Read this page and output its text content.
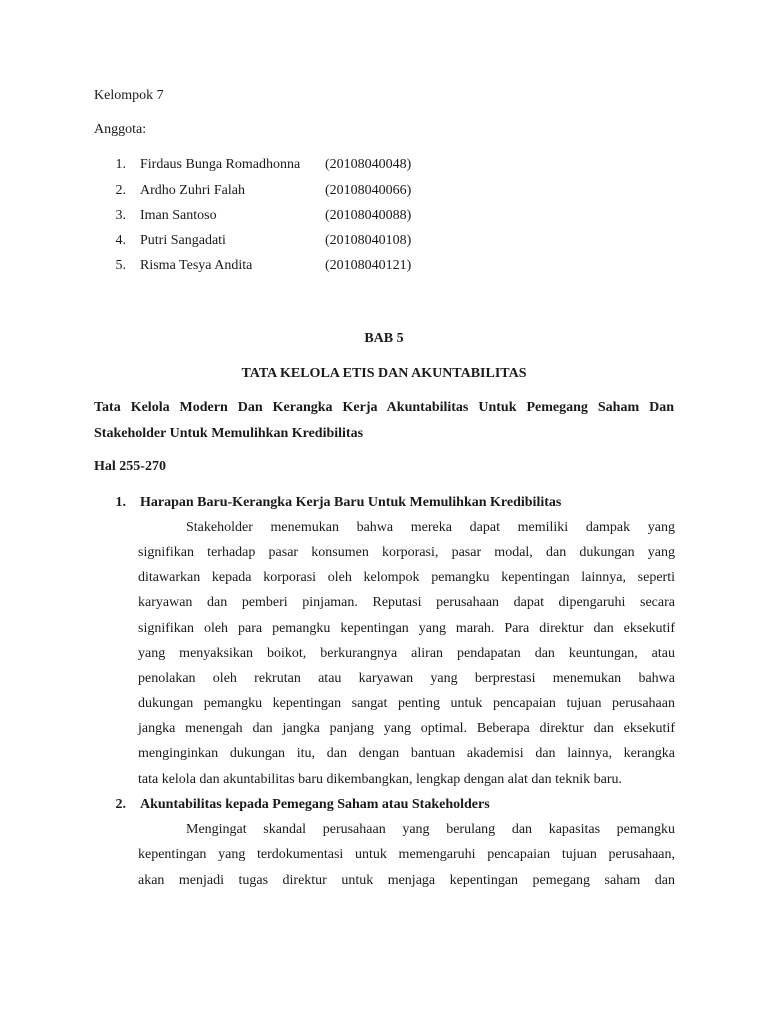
Kelompok 7
Anggota:
1. Firdaus Bunga Romadhonna (20108040048)
2. Ardho Zuhri Falah	(20108040066)
3. Iman Santoso	(20108040088)
4. Putri Sangadati	(20108040108)
5. Risma Tesya Andita	(20108040121)
BAB 5
TATA KELOLA ETIS DAN AKUNTABILITAS
Tata Kelola Modern Dan Kerangka Kerja Akuntabilitas Untuk Pemegang Saham Dan
Stakeholder Untuk Memulihkan Kredibilitas
Hal 255-270
1. Harapan Baru-Kerangka Kerja Baru Untuk Memulihkan Kredibilitas
Stakeholder menemukan bahwa mereka dapat memiliki dampak yang
signifikan terhadap pasar konsumen korporasi, pasar modal, dan dukungan yang
ditawarkan kepada korporasi oleh kelompok pemangku kepentingan lainnya, seperti
karyawan dan pemberi pinjaman. Reputasi perusahaan dapat dipengaruhi secara
signifikan oleh para pemangku kepentingan yang marah. Para direktur dan eksekutif
yang menyaksikan boikot, berkurangnya aliran pendapatan dan keuntungan, atau
penolakan oleh rekrutan atau karyawan yang berprestasi menemukan bahwa
dukungan pemangku kepentingan sangat penting untuk pencapaian tujuan perusahaan
jangka menengah dan jangka panjang yang optimal. Beberapa direktur dan eksekutif
menginginkan dukungan itu, dan dengan bantuan akademisi dan lainnya, kerangka
tata kelola dan akuntabilitas baru dikembangkan, lengkap dengan alat dan teknik baru.
2. Akuntabilitas kepada Pemegang Saham atau Stakeholders
Mengingat skandal perusahaan yang berulang dan kapasitas pemangku
kepentingan yang terdokumentasi untuk memengaruhi pencapaian tujuan perusahaan,
akan menjadi tugas direktur untuk menjaga kepentingan pemegang saham dan
